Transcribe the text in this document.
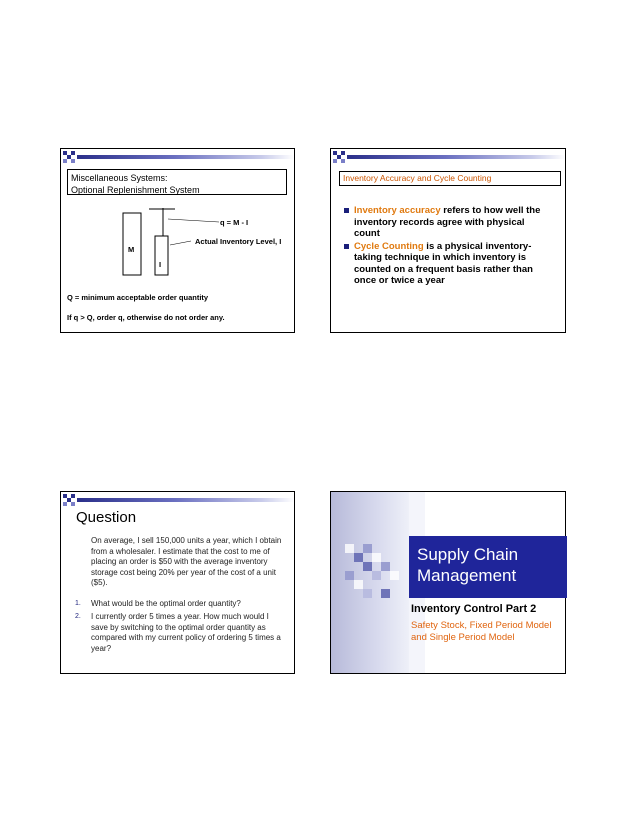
Miscellaneous Systems:
Optional Replenishment System
q = M - I
Actual Inventory Level, I
M
I
Q = minimum acceptable order quantity
If q > Q, order q, otherwise do not order any.
Inventory Accuracy and Cycle Counting
Inventory accuracy refers to how well the inventory records agree with physical count
Cycle Counting is a physical inventory-taking technique in which inventory is counted on a frequent basis rather than once or twice a year
Question
On average, I sell 150,000 units a year, which I obtain from a wholesaler. I estimate that the cost to me of placing an order is $50 with the average inventory storage cost being 20% per year of the cost of a unit ($5).
1. What would be the optimal order quantity?
2. I currently order 5 times a year. How much would I save by switching to the optimal order quantity as compared with my current policy of ordering 5 times a year?
Supply Chain
Management
Inventory Control Part 2
Safety Stock, Fixed Period Model and Single Period Model
